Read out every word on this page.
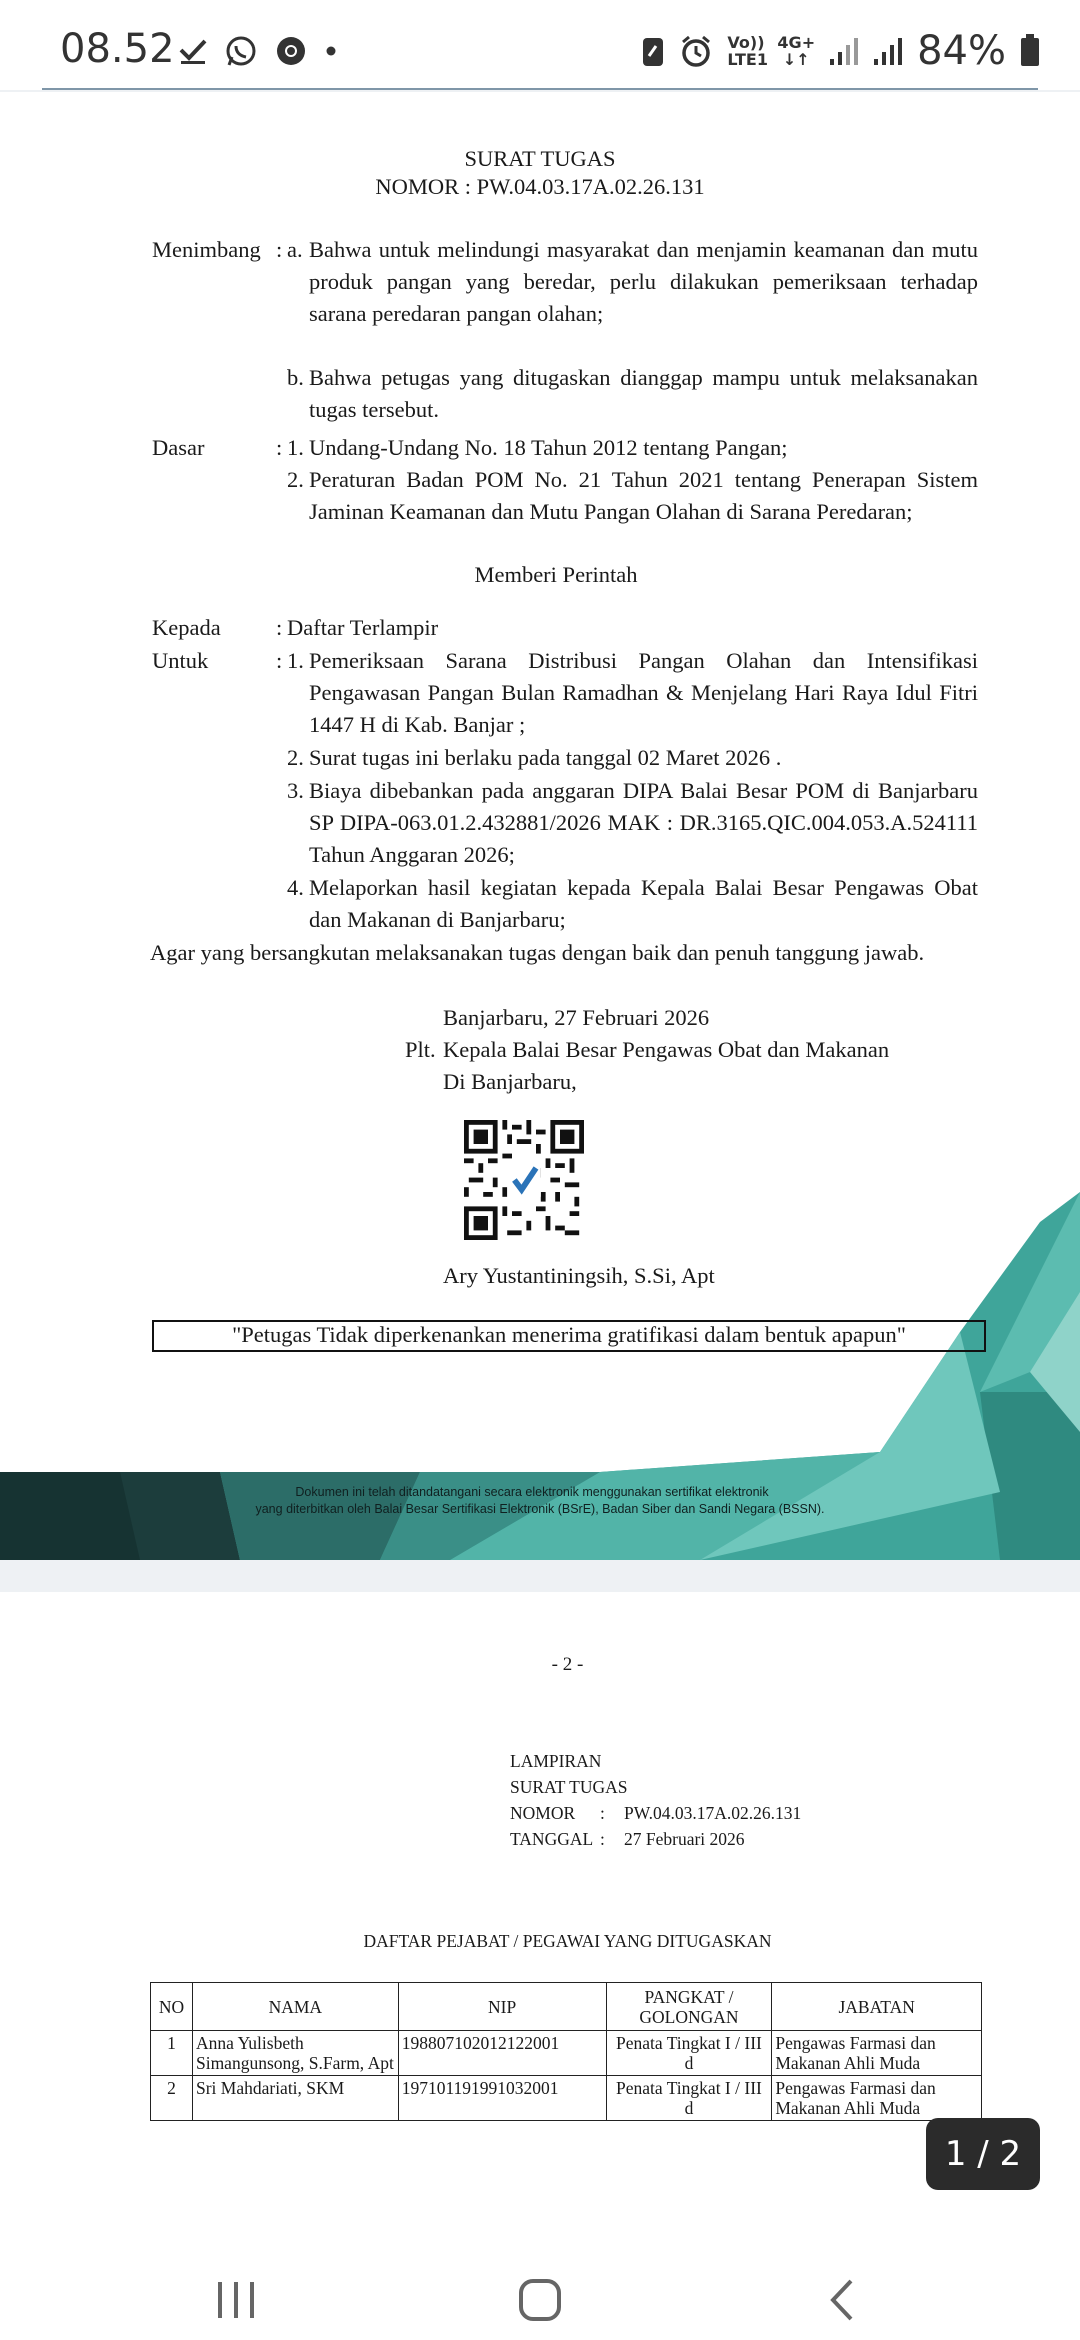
08.52	Vo)) LTE1
4G+
↓↑	84%
SURAT TUGAS
NOMOR : PW.04.03.17A.02.26.131
Menimbang : a. Bahwa untuk melindungi masyarakat dan menjamin keamanan dan mutu produk pangan yang beredar, perlu dilakukan pemeriksaan terhadap sarana peredaran pangan olahan;
b. Bahwa petugas yang ditugaskan dianggap mampu untuk melaksanakan tugas tersebut.
Dasar	: 1. Undang-Undang No. 18 Tahun 2012 tentang Pangan;
2. Peraturan Badan POM No. 21 Tahun 2021 tentang Penerapan Sistem Jaminan Keamanan dan Mutu Pangan Olahan di Sarana Peredaran;
Memberi Perintah
Kepada : Daftar Terlampir
Untuk	: 1. Pemeriksaan Sarana Distribusi Pangan Olahan dan Intensifikasi Pengawasan Pangan Bulan Ramadhan & Menjelang Hari Raya Idul Fitri 1447 H di Kab. Banjar ;
2. Surat tugas ini berlaku pada tanggal 02 Maret 2026 .
3. Biaya dibebankan pada anggaran DIPA Balai Besar POM di Banjarbaru SP DIPA-063.01.2.432881/2026 MAK : DR.3165.QIC.004.053.A.524111 Tahun Anggaran 2026;
4. Melaporkan hasil kegiatan kepada Kepala Balai Besar Pengawas Obat dan Makanan di Banjarbaru;
Agar yang bersangkutan melaksanakan tugas dengan baik dan penuh tanggung jawab.
Banjarbaru, 27 Februari 2026
Plt. Kepala Balai Besar Pengawas Obat dan Makanan
Di Banjarbaru,
Ary Yustantiningsih, S.Si, Apt
"Petugas Tidak diperkenankan menerima gratifikasi dalam bentuk apapun"
Dokumen ini telah ditandatangani secara elektronik menggunakan sertifikat elektronik
yang diterbitkan oleh Balai Besar Sertifikasi Elektronik (BSrE), Badan Siber dan Sandi Negara (BSSN).
- 2 -
LAMPIRAN
SURAT TUGAS
NOMOR : PW.04.03.17A.02.26.131
TANGGAL : 27 Februari 2026
DAFTAR PEJABAT / PEGAWAI YANG DITUGASKAN
NO	NAMA	NIP	PANGKAT / GOLONGAN	JABATAN
1	Anna Yulisbeth Simangunsong, S.Farm, Apt	198807102012122001	Penata Tingkat I / III d	Pengawas Farmasi dan Makanan Ahli Muda
2	Sri Mahdariati, SKM	197101191991032001	Penata Tingkat I / III d	Pengawas Farmasi dan Makanan Ahli Muda
1 / 2
